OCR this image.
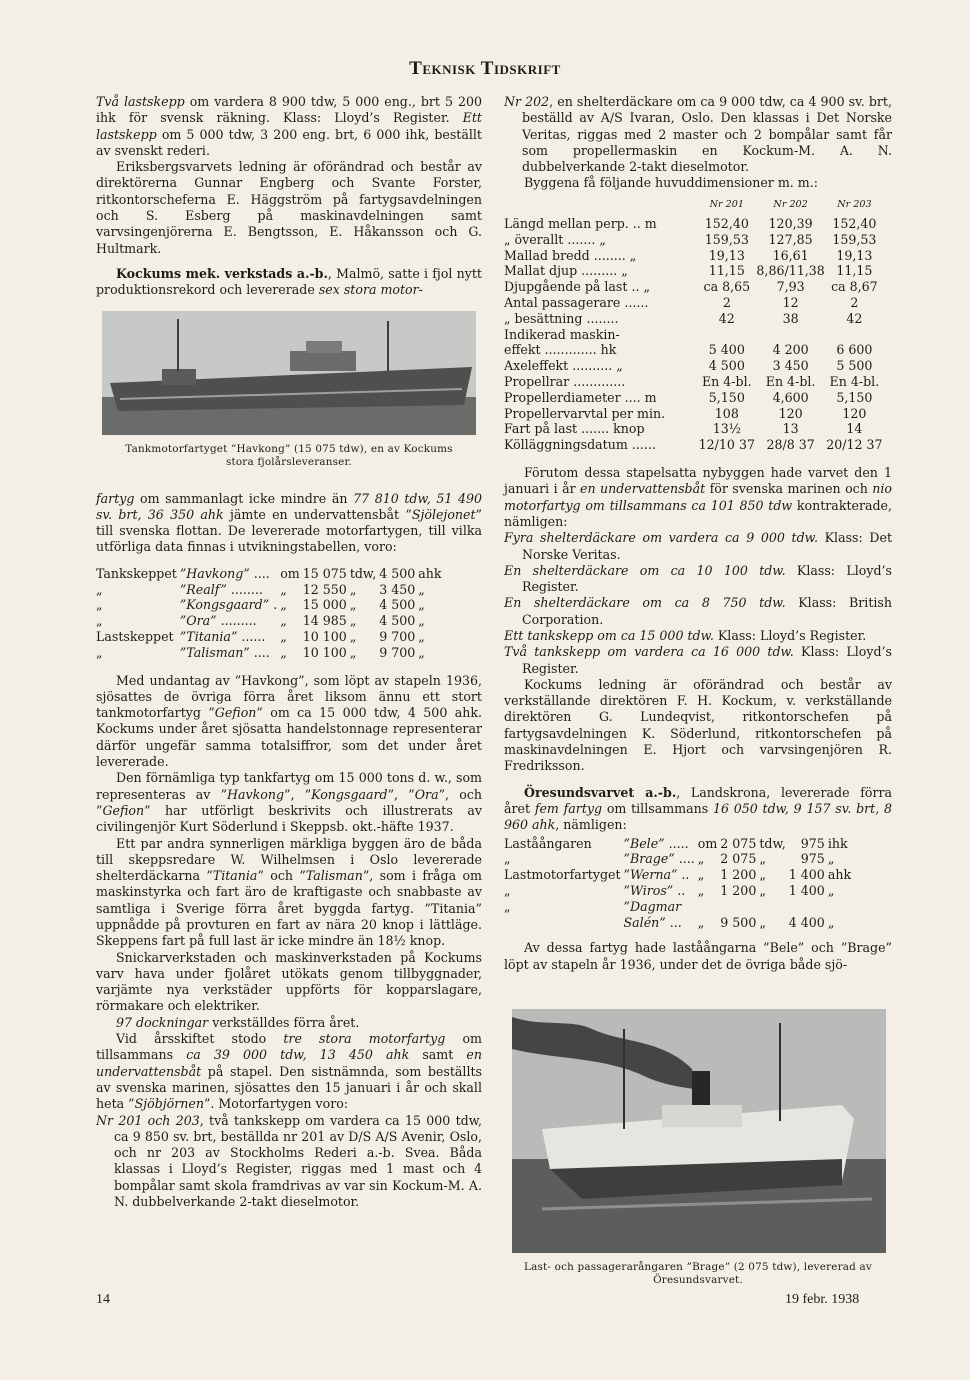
Teknisk Tidskrift

Två lastskepp om vardera 8 900 tdw, 5 000 eng., brt 5 200 ihk för svensk räkning. Klass: Lloyd’s Register. Ett lastskepp om 5 000 tdw, 3 200 eng. brt, 6 000 ihk, beställt av svenskt rederi.

Eriksbergsvarvets ledning är oförändrad och består av direktörerna Gunnar Engberg och Svante Forster, ritkontorscheferna E. Häggström på fartygsavdelningen och S. Esberg på maskinavdelningen samt varvsingenjörerna E. Bengtsson, E. Håkansson och G. Hultmark.

Kockums mek. verkstads a.-b., Malmö, satte i fjol nytt produktionsrekord och levererade sex stora motor-

Tankmotorfartyget ”Havkong” (15 075 tdw), en av Kockums stora fjolårsleveranser.

fartyg om sammanlagt icke mindre än 77 810 tdw, 51 490 sv. brt, 36 350 ahk jämte en undervattensbåt ”Sjölejonet” till svenska flottan. De levererade motorfartygen, till vilka utförliga data finnas i utvikningstabellen, voro:

Tankskeppet	”Havkong” ....	om	15 075	tdw,	4 500	ahk
„	”Realf” ........	„	12 550	„	3 450	„
„	”Kongsgaard” .	„	15 000	„	4 500	„
„	”Ora” .........	„	14 985	„	4 500	„
Lastskeppet	”Titania” ......	„	10 100	„	9 700	„
„	”Talisman” ....	„	10 100	„	9 700	„

Med undantag av ”Havkong”, som löpt av stapeln 1936, sjösattes de övriga förra året liksom ännu ett stort tankmotorfartyg ”Gefion” om ca 15 000 tdw, 4 500 ahk. Kockums under året sjösatta handelstonnage representerar därför ungefär samma totalsiffror, som det under året levererade.

Den förnämliga typ tankfartyg om 15 000 tons d. w., som representeras av ”Havkong”, ”Kongsgaard”, ”Ora”, och ”Gefion” har utförligt beskrivits och illustrerats av civilingenjör Kurt Söderlund i Skeppsb. okt.-häfte 1937.

Ett par andra synnerligen märkliga byggen äro de båda till skeppsredare W. Wilhelmsen i Oslo levererade shelterdäckarna ”Titania” och ”Talisman”, som i fråga om maskinstyrka och fart äro de kraftigaste och snabbaste av samtliga i Sverige förra året byggda fartyg. ”Titania” uppnådde på provturen en fart av nära 20 knop i lättläge. Skeppens fart på full last är icke mindre än 18½ knop.

Snickarverkstaden och maskinverkstaden på Kockums varv hava under fjolåret utökats genom tillbyggnader, varjämte nya verkstäder uppförts för kopparslagare, rörmakare och elektriker.

97 dockningar verkställdes förra året.

Vid årsskiftet stodo tre stora motorfartyg om tillsammans ca 39 000 tdw, 13 450 ahk samt en undervattensbåt på stapel. Den sistnämnda, som beställts av svenska marinen, sjösattes den 15 januari i år och skall heta ”Sjöbjörnen”. Motorfartygen voro:

Nr 201 och 203, två tankskepp om vardera ca 15 000 tdw, ca 9 850 sv. brt, beställda nr 201 av D/S A/S Avenir, Oslo, och nr 203 av Stockholms Rederi a.-b. Svea. Båda klassas i Lloyd’s Register, riggas med 1 mast och 4 bompålar samt skola framdrivas av var sin Kockum-M. A. N. dubbelverkande 2-takt dieselmotor.

Nr 202, en shelterdäckare om ca 9 000 tdw, ca 4 900 sv. brt, beställd av A/S Ivaran, Oslo. Den klassas i Det Norske Veritas, riggas med 2 master och 2 bompålar samt får som propellermaskin en Kockum-M. A. N. dubbelverkande 2-takt dieselmotor.

Byggena få följande huvuddimensioner m. m.:

	Nr 201	Nr 202	Nr 203
Längd mellan perp. .. m	152,40	120,39	152,40
„ överallt ....... „	159,53	127,85	159,53
Mallad bredd ........ „	19,13	16,61	19,13
Mallat djup ......... „	11,15	8,86/11,38	11,15
Djupgående på last .. „	ca 8,65	7,93	ca 8,67
Antal passagerare ......	2	12	2
„ besättning ........	42	38	42
Indikerad maskin-			
effekt ............. hk	5 400	4 200	6 600
Axeleffekt .......... „	4 500	3 450	5 500
Propellrar .............	En 4-bl.	En 4-bl.	En 4-bl.
Propellerdiameter .... m	5,150	4,600	5,150
Propellervarvtal per min.	108	120	120
Fart på last ....... knop	13½	13	14
Kölläggningsdatum ......	12/10 37	28/8 37	20/12 37

Förutom dessa stapelsatta nybyggen hade varvet den 1 januari i år en undervattensbåt för svenska marinen och nio motorfartyg om tillsammans ca 101 850 tdw kontrakterade, nämligen:

Fyra shelterdäckare om vardera ca 9 000 tdw. Klass: Det Norske Veritas.

En shelterdäckare om ca 10 100 tdw. Klass: Lloyd’s Register.

En shelterdäckare om ca 8 750 tdw. Klass: British Corporation.

Ett tankskepp om ca 15 000 tdw. Klass: Lloyd’s Register.

Två tankskepp om vardera ca 16 000 tdw. Klass: Lloyd’s Register.

Kockums ledning är oförändrad och består av verkställande direktören F. H. Kockum, v. verkställande direktören G. Lundeqvist, ritkontorschefen på fartygsavdelningen K. Söderlund, ritkontorschefen på maskinavdelningen E. Hjort och varvsingenjören R. Fredriksson.

Öresundsvarvet a.-b., Landskrona, levererade förra året fem fartyg om tillsammans 16 050 tdw, 9 157 sv. brt, 8 960 ahk, nämligen:

Laståångaren	”Bele” .....	om	2 075	tdw,	975	ihk
„	”Brage” ....	„	2 075	„	975	„
Lastmotorfartyget	”Werna” ..	„	1 200	„	1 400	ahk
„	”Wiros” ..	„	1 200	„	1 400	„
„	”Dagmar					
	Salén” ...	„	9 500	„	4 400	„

Av dessa fartyg hade laståångarna ”Bele” och ”Brage” löpt av stapeln år 1936, under det de övriga både sjö-

Last- och passagerarångaren ”Brage” (2 075 tdw), levererad av Öresundsvarvet.
14	19 febr. 1938
